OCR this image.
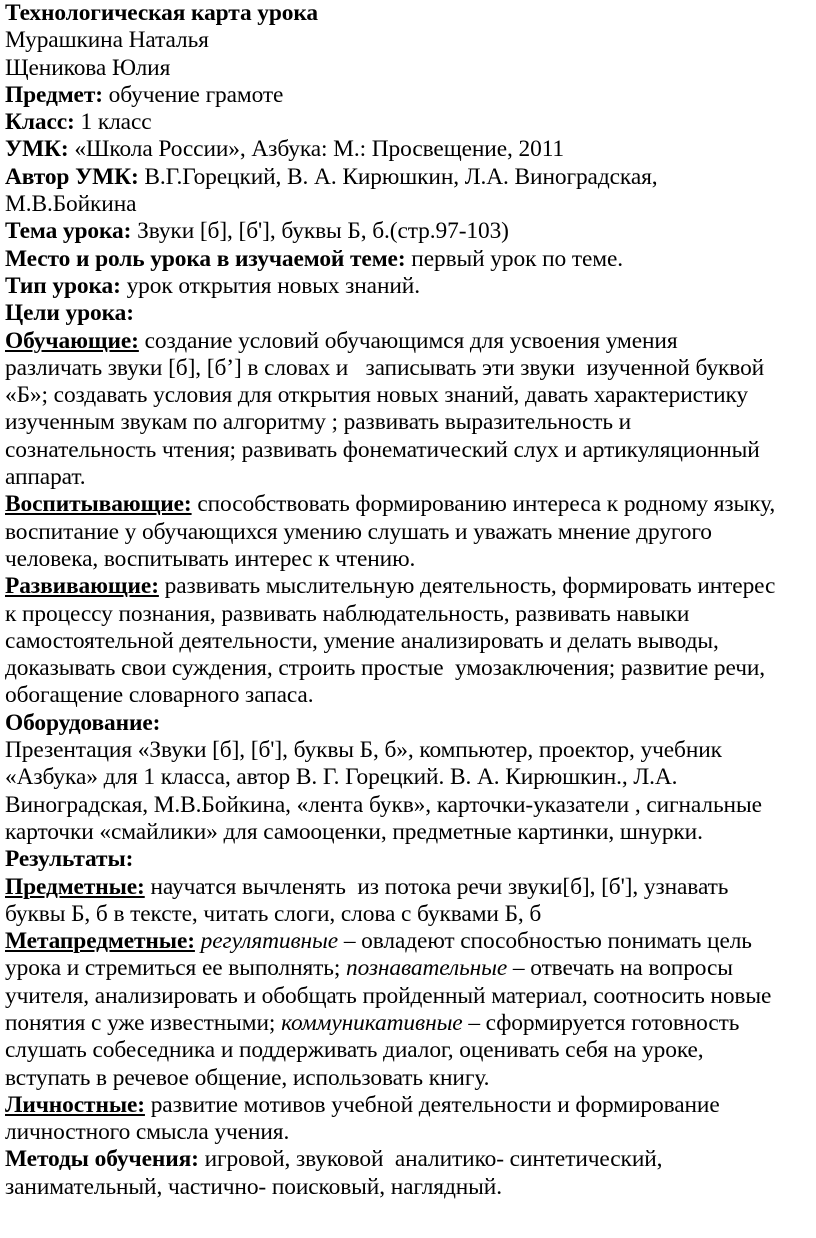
Технологическая карта урока
Мурашкина Наталья
Щеникова Юлия
Предмет: обучение грамоте
Класс: 1 класс
УМК: «Школа России», Азбука: М.: Просвещение, 2011
Автор УМК: В.Г.Горецкий, В. А. Кирюшкин, Л.А. Виноградская,
М.В.Бойкина
Тема урока: Звуки [б], [б'], буквы Б, б.(стр.97-103)
Место и роль урока в изучаемой теме: первый урок по теме.
Тип урока: урок открытия новых знаний.
Цели урока:
Обучающие: создание условий обучающимся для усвоения умения
различать звуки [б], [б’] в словах и   записывать эти звуки  изученной буквой
«Б»; создавать условия для открытия новых знаний, давать характеристику
изученным звукам по алгоритму ; развивать выразительность и
сознательность чтения; развивать фонематический слух и артикуляционный
аппарат.
Воспитывающие: способствовать формированию интереса к родному языку,
воспитание у обучающихся умению слушать и уважать мнение другого
человека, воспитывать интерес к чтению.
Развивающие: развивать мыслительную деятельность, формировать интерес
к процессу познания, развивать наблюдательность, развивать навыки
самостоятельной деятельности, умение анализировать и делать выводы,
доказывать свои суждения, строить простые  умозаключения; развитие речи,
обогащение словарного запаса.
Оборудование:
Презентация «Звуки [б], [б'], буквы Б, б», компьютер, проектор, учебник
«Азбука» для 1 класса, автор В. Г. Горецкий. В. А. Кирюшкин., Л.А.
Виноградская, М.В.Бойкина, «лента букв», карточки-указатели , сигнальные
карточки «смайлики» для самооценки, предметные картинки, шнурки.
Результаты:
Предметные: научатся вычленять  из потока речи звуки[б], [б'], узнавать
буквы Б, б в тексте, читать слоги, слова с буквами Б, б
Метапредметные: регулятивные – овладеют способностью понимать цель
урока и стремиться ее выполнять; познавательные – отвечать на вопросы
учителя, анализировать и обобщать пройденный материал, соотносить новые
понятия с уже известными; коммуникативные – сформируется готовность
слушать собеседника и поддерживать диалог, оценивать себя на уроке,
вступать в речевое общение, использовать книгу.
Личностные: развитие мотивов учебной деятельности и формирование
личностного смысла учения.
Методы обучения: игровой, звуковой  аналитико- синтетический,
занимательный, частично- поисковый, наглядный.
